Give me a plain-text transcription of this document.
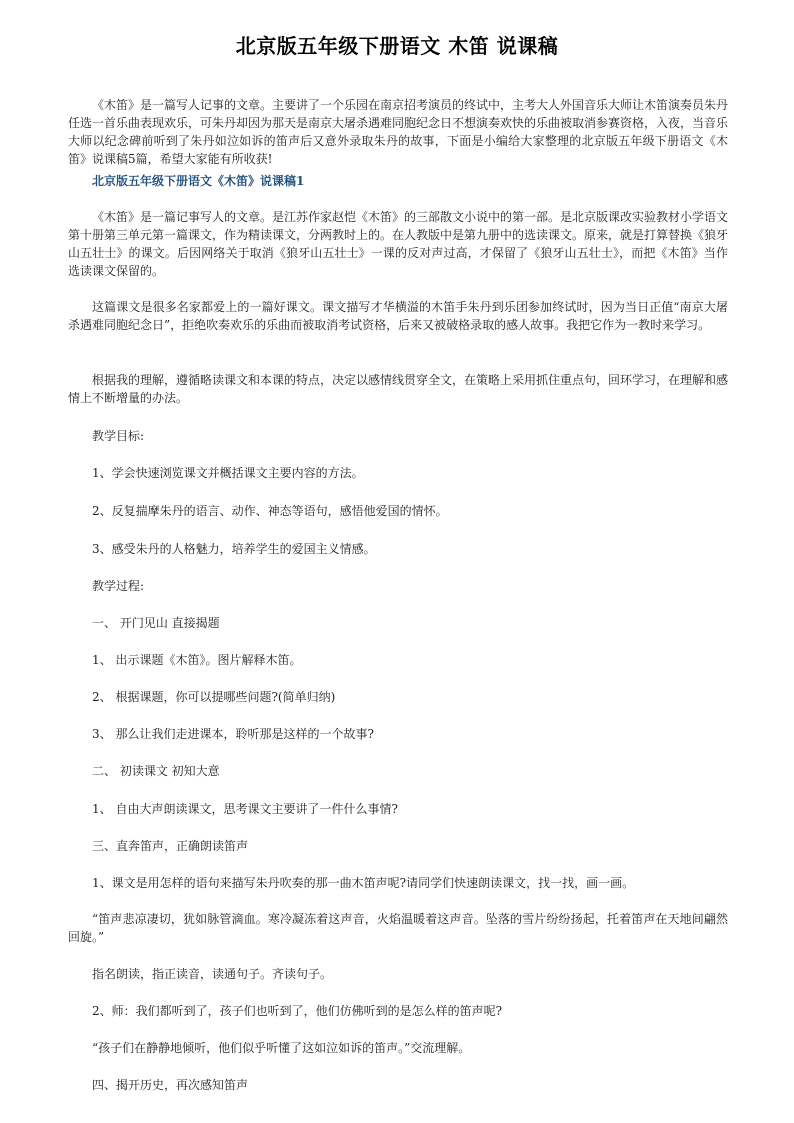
北京版五年级下册语文 木笛 说课稿

《木笛》是一篇写人记事的文章。主要讲了一个乐园在南京招考演员的终试中，主考大人外国音乐大师让木笛演奏员朱丹任选一首乐曲表现欢乐，可朱丹却因为那天是南京大屠杀遇难同胞纪念日不想演奏欢快的乐曲被取消参赛资格，入夜，当音乐大师以纪念碑前听到了朱丹如泣如诉的笛声后又意外录取朱丹的故事，下面是小编给大家整理的北京版五年级下册语文《木笛》说课稿5篇，希望大家能有所收获!

北京版五年级下册语文《木笛》说课稿1

《木笛》是一篇记事写人的文章。是江苏作家赵恺《木笛》的三部散文小说中的第一部。是北京版课改实验教材小学语文第十册第三单元第一篇课文，作为精读课文，分两教时上的。在人教版中是第九册中的选读课文。原来，就是打算替换《狼牙山五壮士》的课文。后因网络关于取消《狼牙山五壮士》一课的反对声过高，才保留了《狼牙山五壮士》，而把《木笛》当作选读课文保留的。

这篇课文是很多名家都爱上的一篇好课文。课文描写才华横溢的木笛手朱丹到乐团参加终试时，因为当日正值“南京大屠杀遇难同胞纪念日”，拒绝吹奏欢乐的乐曲而被取消考试资格，后来又被破格录取的感人故事。我把它作为一教时来学习。

根据我的理解，遵循略读课文和本课的特点，决定以感情线贯穿全文，在策略上采用抓住重点句，回环学习，在理解和感情上不断增量的办法。

教学目标:

1、学会快速浏览课文并概括课文主要内容的方法。

2、反复揣摩朱丹的语言、动作、神态等语句，感悟他爱国的情怀。

3、感受朱丹的人格魅力，培养学生的爱国主义情感。

教学过程:

一、 开门见山 直接揭题

1、 出示课题《木笛》。图片解释木笛。

2、 根据课题，你可以提哪些问题?(简单归纳)

3、 那么让我们走进课本，聆听那是这样的一个故事?

二、 初读课文 初知大意

1、 自由大声朗读课文，思考课文主要讲了一件什么事情?

三、直奔笛声，正确朗读笛声

1、课文是用怎样的语句来描写朱丹吹奏的那一曲木笛声呢?请同学们快速朗读课文，找一找，画一画。

“笛声悲凉凄切，犹如脉管滴血。寒冷凝冻着这声音，火焰温暖着这声音。坠落的雪片纷纷扬起，托着笛声在天地间翩然回旋。”

指名朗读，指正读音，读通句子。齐读句子。

2、师：我们都听到了，孩子们也听到了，他们仿佛听到的是怎么样的笛声呢?

“孩子们在静静地倾听，他们似乎听懂了这如泣如诉的笛声。”交流理解。

四、揭开历史，再次感知笛声
